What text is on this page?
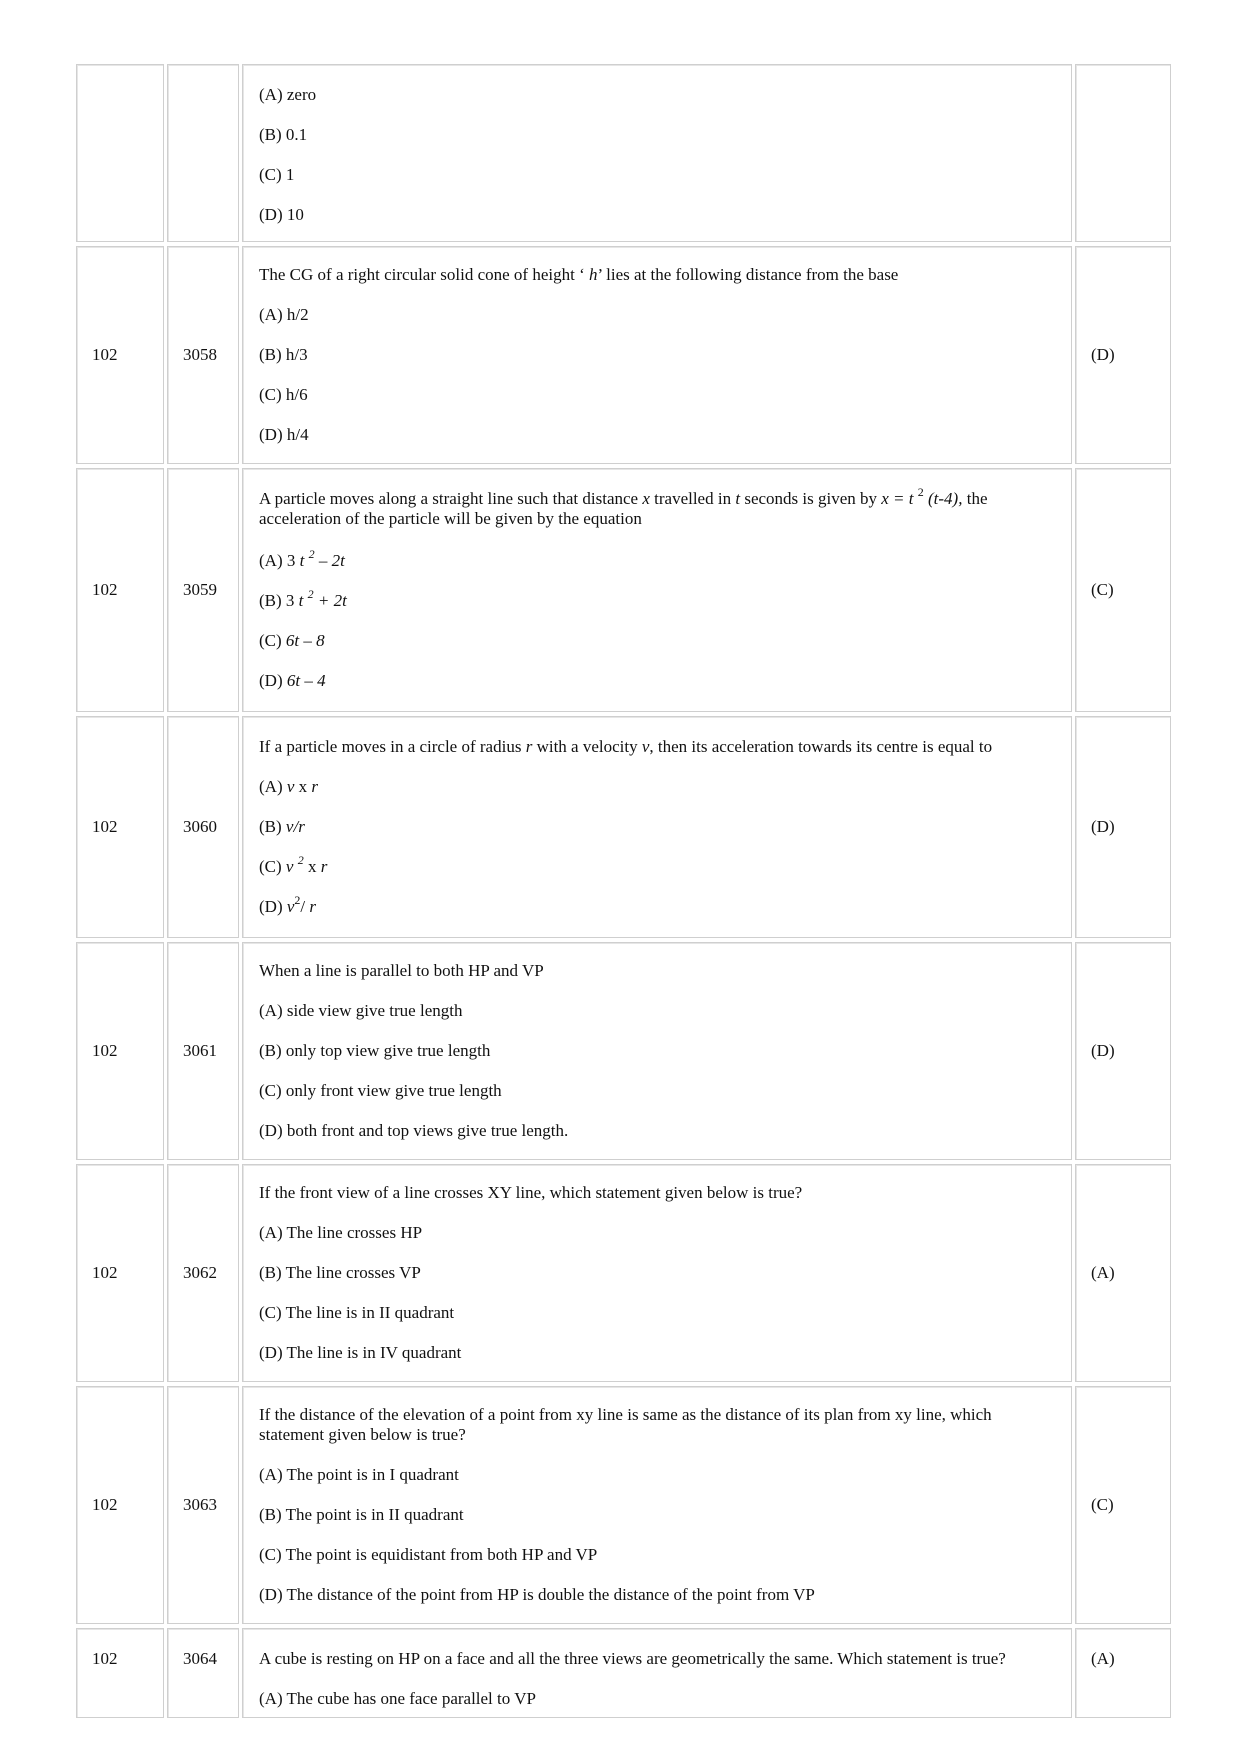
		(A) zero

(B) 0.1

(C) 1

(D) 10	

102	3058	The CG of a right circular solid cone of height ‘ h’ lies at the following distance from the base

(A) h/2

(B) h/3

(C) h/6

(D) h/4	(D)
102	3059	A particle moves along a straight line such that distance x travelled in t seconds is given by x = t $^2$ (t-4), the acceleration of the particle will be given by the equation

(A) 3 t $^2$ – 2t

(B) 3 t $^2$ + 2t

(C) 6t – 8

(D) 6t – 4	(C)
102	3060	If a particle moves in a circle of radius r with a velocity v, then its acceleration towards its centre is equal to

(A) v x r

(B) v/r

(C) v $^2$ x r

(D) $v^2/$ r	(D)
102	3061	When a line is parallel to both HP and VP

(A) side view give true length

(B) only top view give true length

(C) only front view give true length

(D) both front and top views give true length.	(D)
102	3062	If the front view of a line crosses XY line, which statement given below is true?

(A) The line crosses HP

(B) The line crosses VP

(C) The line is in II quadrant

(D) The line is in IV quadrant	(A)
102	3063	If the distance of the elevation of a point from xy line is same as the distance of its plan from xy line, which statement given below is true?

(A) The point is in I quadrant

(B) The point is in II quadrant

(C) The point is equidistant from both HP and VP

(D) The distance of the point from HP is double the distance of the point from VP	(C)
102	3064	A cube is resting on HP on a face and all the three views are geometrically the same. Which statement is true?

(A) The cube has one face parallel to VP	(A)
